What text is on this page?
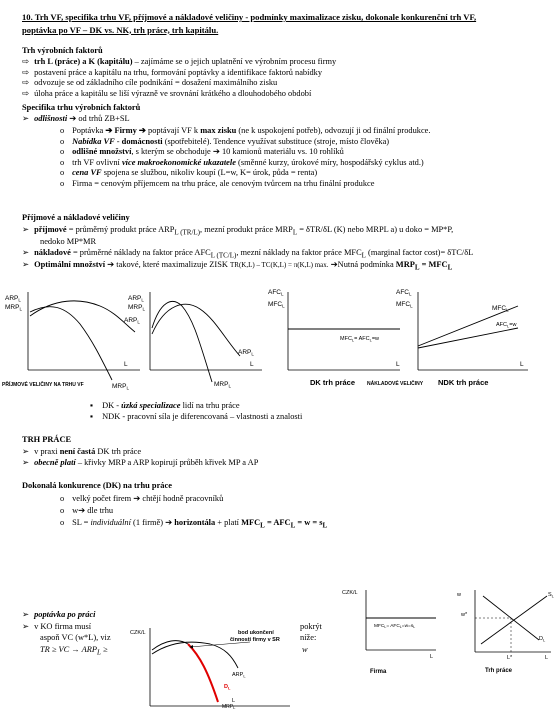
10. Trh VF, specifika trhu VF, příjmové a nákladové veličiny - podmínky maximalizace zisku, dokonale konkurenční trh VF,
poptávka po VF – DK vs. NK, trh práce, trh kapitálu.
Trh výrobních faktorů
⇨ trh L (práce) a K (kapitálu) – zajímáme se o jejich uplatnění ve výrobním procesu firmy
⇨ postavení práce a kapitálu na trhu, formování poptávky a identifikace faktorů nabídky
⇨ odvozuje se od základního cíle podnikání = dosažení maximálního zisku
⇨ úloha práce a kapitálu se liší výrazně ve srovnání krátkého a dlouhodobého období
Specifika trhu výrobních faktorů
➢ odlišnosti ➔ od trhů ZB+SL
o Poptávka ➔ Firmy ➔ poptávají VF k max zisku (ne k uspokojení potřeb), odvozují ji od finální produkce.
o Nabídka VF - domácnosti (spotřebitelé). Tendence využívat substituce (stroje, místo člověka)
o odlišné množství, s kterým se obchoduje ➔ 10 kamionů materiálu vs. 10 rohlíků
o trh VF ovlivní více makroekonomické ukazatele (směnné kurzy, úrokové míry, hospodářský cyklus atd.)
o cena VF spojena se službou, nikoliv koupí (L=w, K= úrok, půda = renta)
o Firma = cenovým příjemcem na trhu práce, ale cenovým tvůrcem na trhu finální produkce
Příjmové a nákladové veličiny
➢ příjmové = průměrný produkt práce $ARP_{L (TR/L)}$, mezní produkt práce $MRP_L = \delta TR/\delta L$ (K) nebo MRPL a) u doko = MP*P,
nedoko MP*MR
➢ nákladové = průměrné náklady na faktor práce $AFC_{L (TC/L)}$, mezní náklady na faktor práce $MFC_L$ (marginal factor cost)= δTC/δL
➢ Optimální množství ➔ takové, které maximalizuje ZISK TR(K,L) – TC(K,L) = π(K,L) max. ➔Nutná podmínka $MRP_L = MFC_L$
$ARP_L$
$MRP_L$
$ARP_L$
L
$MRP_L$
PŘÍJMOVÉ VELIČINY NA TRHU VF
$ARP_L$
$MRP_L$
$ARP_L$
L
$MRP_L$
$AFC_L$
$MFC_L$
$MFC_L= AFC_L=w$
L
DK trh práce NÁKLADOVÉ VELIČINY
$AFC_L$
$MFC_L$	$MFC_L$
$AFC_L=w$
L
NDK trh práce
▪ DK - úzká specializace lidí na trhu práce
▪ NDK - pracovní síla je diferencovaná – vlastnosti a znalosti
TRH PRÁCE
➢ v praxi není častá DK trh práce
➢ obecně platí – křivky MRP a ARP kopirují průběh křivek MP a AP
Dokonalá konkurence (DK) na trhu práce
o velký počet firem ➔ chtějí hodně pracovníků
o w➔ dle trhu
o SL = individuální (1 firmě) ➔ horizontála + platí $MFC_L = AFC_L = w = s_L$
➢ poptávka po práci
➢ v KO firma musí
aspoň VC (w*L), viz
TR ≥ VC → $ARP_L$ ≥
pokrýt
níže:
w
CZK/L	bod ukončení
činnosti firmy v SR
$ARP_L$
$D_L$
L
$MRP_L$
CZK/L
$MFC_L= AFC_L=w=s_L$
L
Firma
w
w*
$S_L$
$D_L$
L*	L
Trh práce
